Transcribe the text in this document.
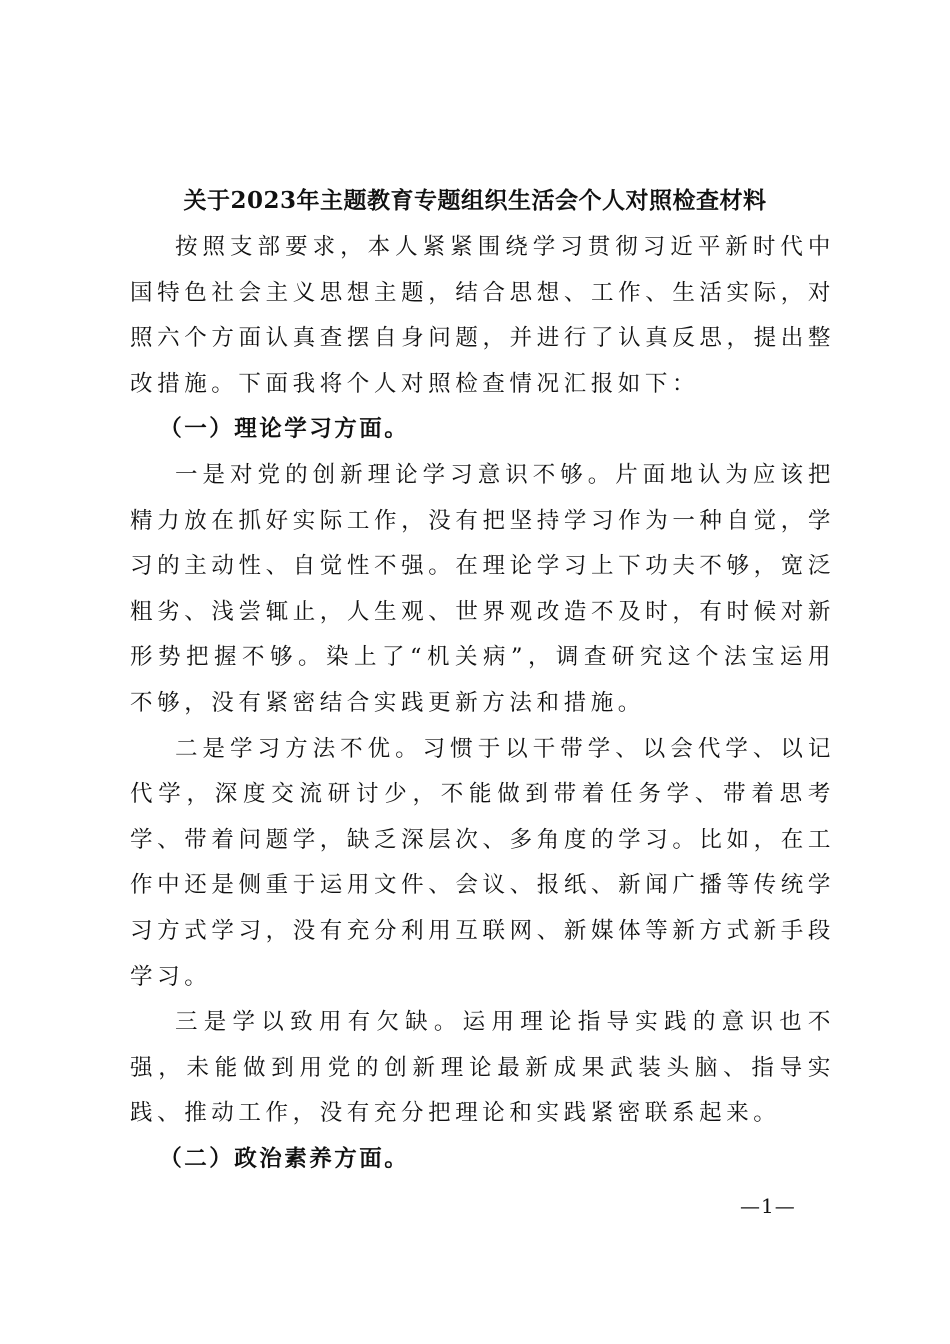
关于2023年主题教育专题组织生活会个人对照检查材料

按照支部要求，本人紧紧围绕学习贯彻习近平新时代中国特色社会主义思想主题，结合思想、工作、生活实际，对照六个方面认真查摆自身问题，并进行了认真反思，提出整改措施。下面我将个人对照检查情况汇报如下：

（一）理论学习方面。

一是对党的创新理论学习意识不够。片面地认为应该把精力放在抓好实际工作，没有把坚持学习作为一种自觉，学习的主动性、自觉性不强。在理论学习上下功夫不够，宽泛粗劣、浅尝辄止，人生观、世界观改造不及时，有时候对新形势把握不够。染上了“机关病”，调查研究这个法宝运用不够，没有紧密结合实践更新方法和措施。

二是学习方法不优。习惯于以干带学、以会代学、以记代学，深度交流研讨少，不能做到带着任务学、带着思考学、带着问题学，缺乏深层次、多角度的学习。比如，在工作中还是侧重于运用文件、会议、报纸、新闻广播等传统学习方式学习，没有充分利用互联网、新媒体等新方式新手段学习。

三是学以致用有欠缺。运用理论指导实践的意识也不强，未能做到用党的创新理论最新成果武装头脑、指导实践、推动工作，没有充分把理论和实践紧密联系起来。

（二）政治素养方面。

—1—
